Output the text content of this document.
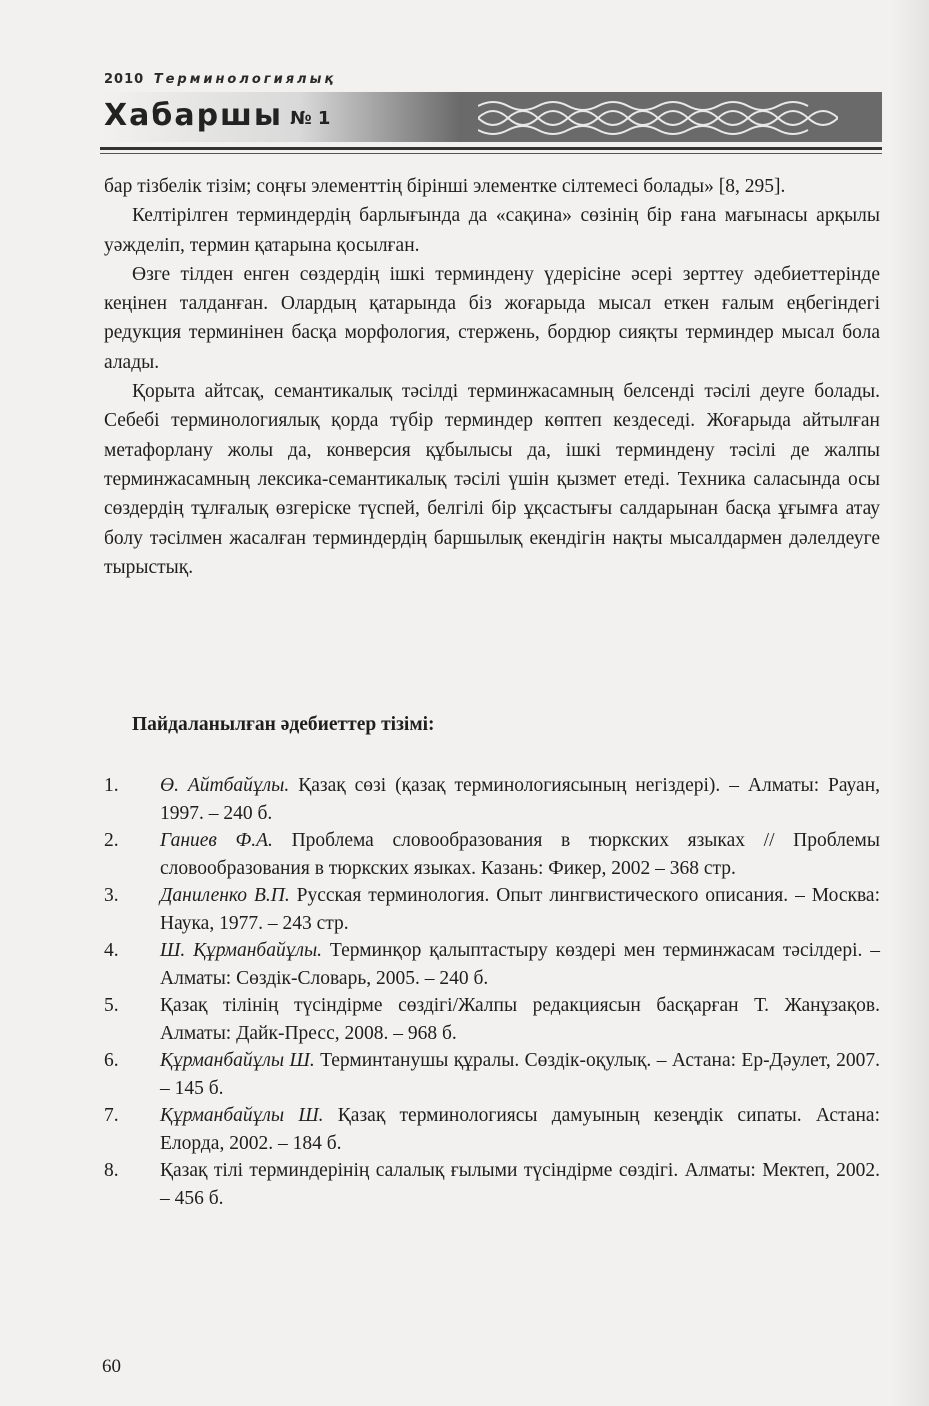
2010 Терминологиялық
Хабаршы № 1

бар тізбелік тізім; соңғы элементтің бірінші элементке сілтемесі болады» [8, 295].

Келтірілген терминдердің барлығында да «сақина» сөзінің бір ғана мағынасы арқылы уәжделіп, термин қатарына қосылған.

Өзге тілден енген сөздердің ішкі терминдену үдерісіне әсері зерттеу әдебиеттерінде кеңінен талданған. Олардың қатарында біз жоғарыда мысал еткен ғалым еңбегіндегі редукция терминінен басқа морфология, стержень, бордюр сияқты терминдер мысал бола алады.

Қорыта айтсақ, семантикалық тәсілді терминжасамның белсенді тәсілі деуге болады. Себебі терминологиялық қорда түбір терминдер көптеп кездеседі. Жоғарыда айтылған метафорлану жолы да, конверсия құбылысы да, ішкі терминдену тәсілі де жалпы терминжасамның лексика-семантикалық тәсілі үшін қызмет етеді. Техника саласында осы сөздердің тұлғалық өзгеріске түспей, белгілі бір ұқсастығы салдарынан басқа ұғымға атау болу тәсілмен жасалған терминдердің баршылық екендігін нақты мысалдармен дәлелдеуге тырыстық.

Пайдаланылған әдебиеттер тізімі:
1.	Ө. Айтбайұлы. Қазақ сөзі (қазақ терминологиясының негіздері). – Алматы: Рауан, 1997. – 240 б.
2.	Ганиев Ф.А. Проблема словообразования в тюркских языках // Проблемы словообразования в тюркских языках. Казань: Фикер, 2002 – 368 стр.
3.	Даниленко В.П. Русская терминология. Опыт лингвистического описания. – Москва: Наука, 1977. – 243 стр.
4.	Ш. Құрманбайұлы. Терминқор қалыптастыру көздері мен терминжасам тәсілдері. – Алматы: Сөздік-Словарь, 2005. – 240 б.
5.	Қазақ тілінің түсіндірме сөздігі/Жалпы редакциясын басқарған Т. Жанұзақов. Алматы: Дайк-Пресс, 2008. – 968 б.
6.	Құрманбайұлы Ш. Терминтанушы құралы. Сөздік-оқулық. – Астана: Ер-Дәулет, 2007. – 145 б.
7.	Құрманбайұлы Ш. Қазақ терминологиясы дамуының кезеңдік сипаты. Астана: Елорда, 2002. – 184 б.
8.	Қазақ тілі терминдерінің салалық ғылыми түсіндірме сөздігі. Алматы: Мектеп, 2002. – 456 б.
60
